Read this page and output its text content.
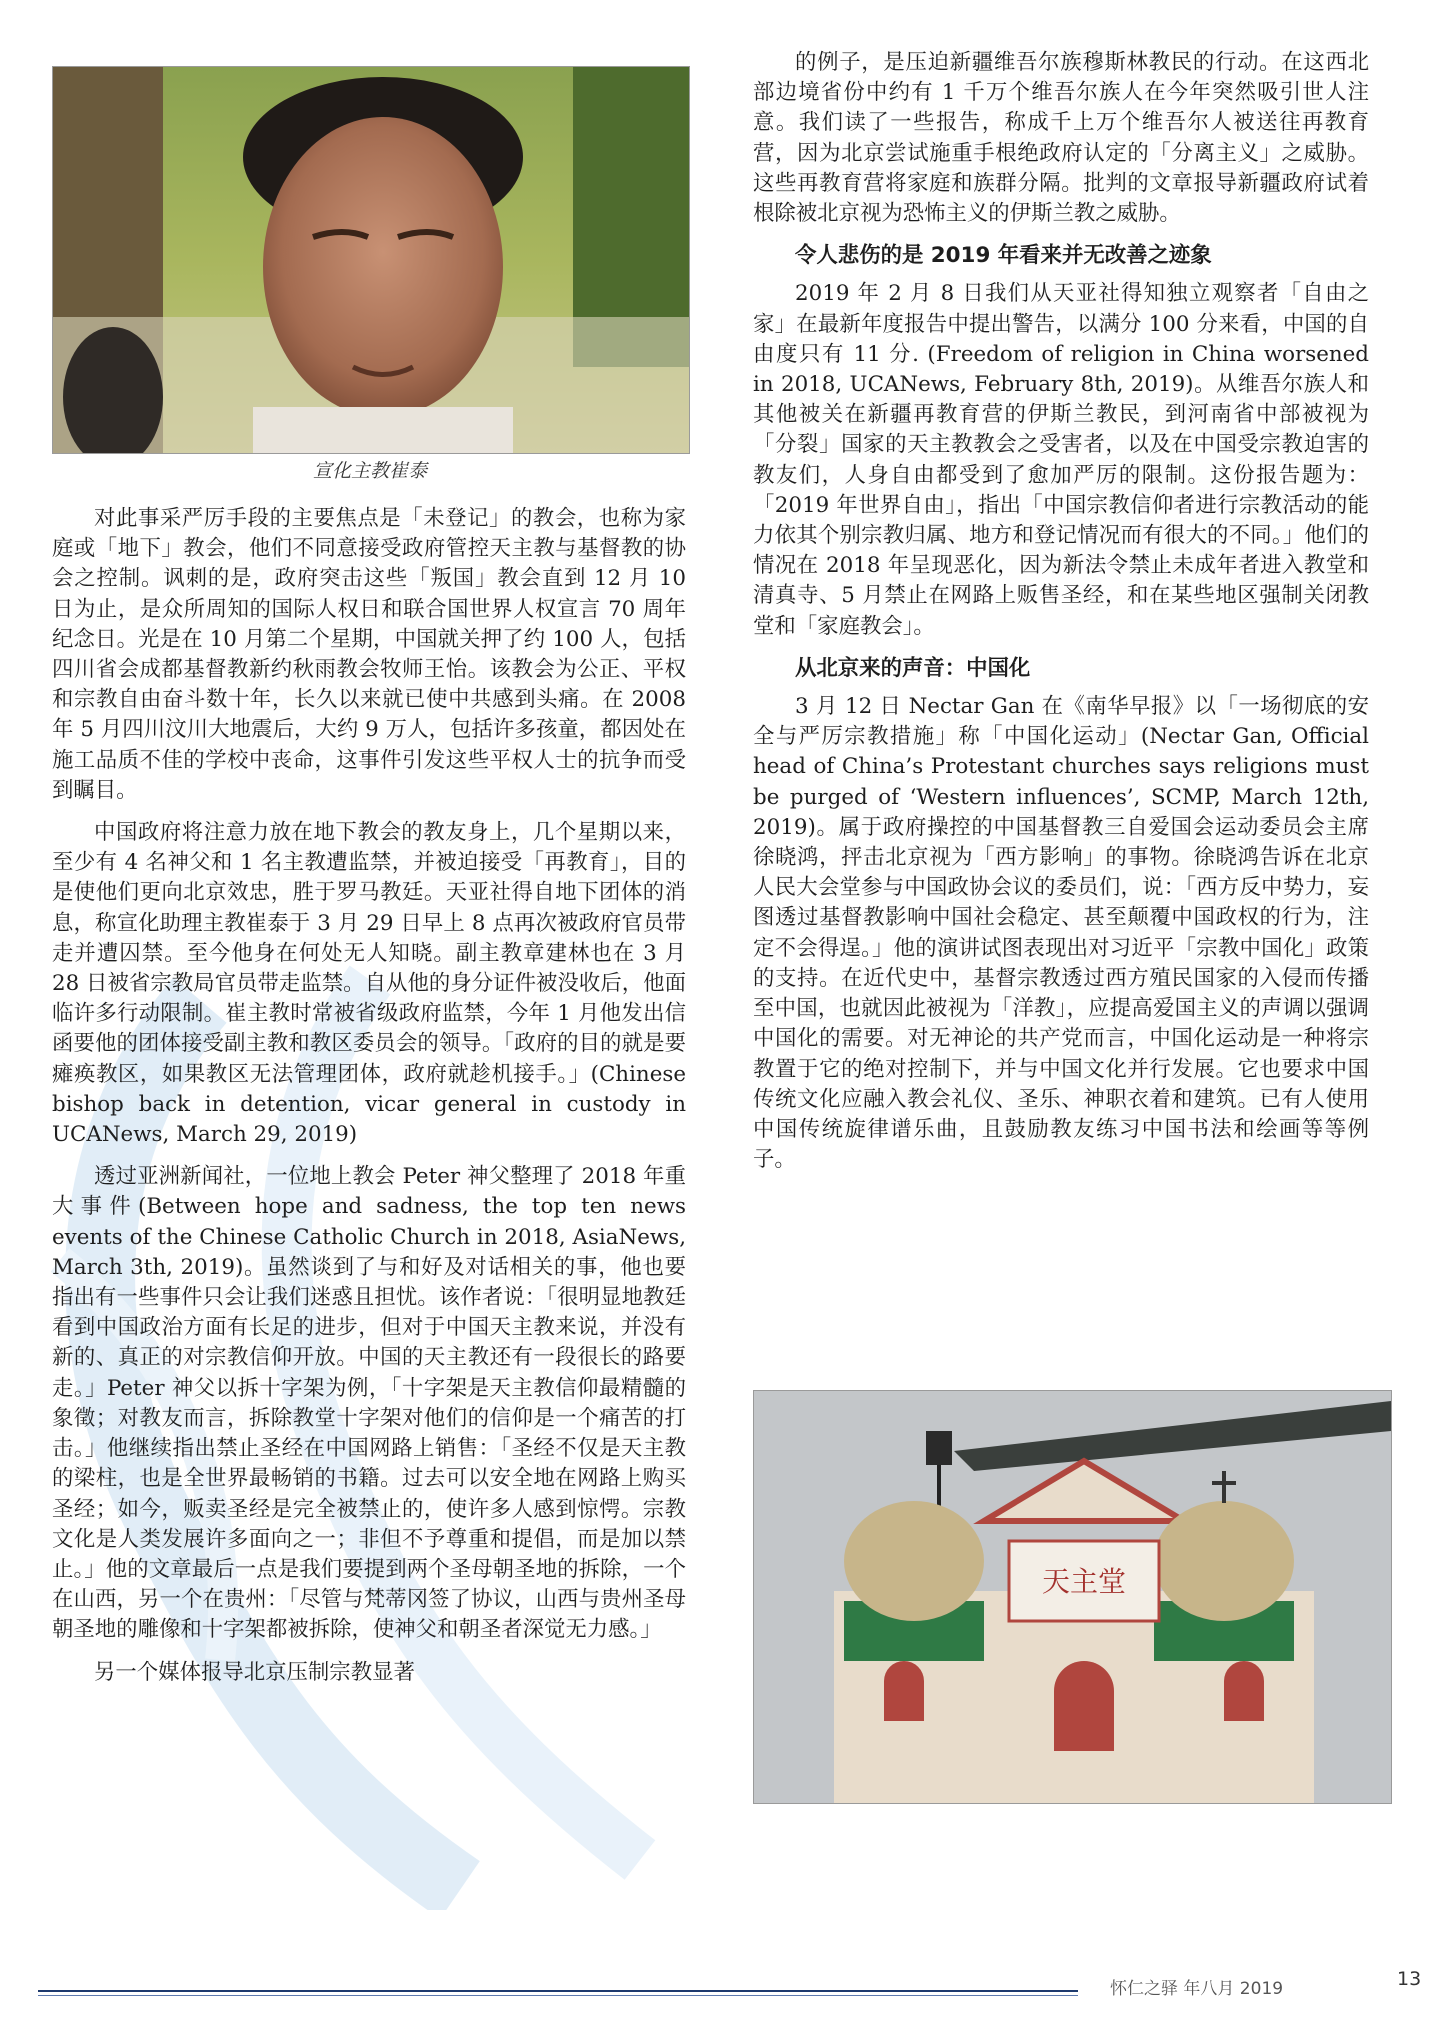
宣化主教崔泰

对此事采严厉手段的主要焦点是「未登记」的教会，也称为家庭或「地下」教会，他们不同意接受政府管控天主教与基督教的协会之控制。讽刺的是，政府突击这些「叛国」教会直到 12 月 10 日为止，是众所周知的国际人权日和联合国世界人权宣言 70 周年纪念日。光是在 10 月第二个星期，中国就关押了约 100 人，包括四川省会成都基督教新约秋雨教会牧师王怡。该教会为公正、平权和宗教自由奋斗数十年，长久以来就已使中共感到头痛。在 2008 年 5 月四川汶川大地震后，大约 9 万人，包括许多孩童，都因处在施工品质不佳的学校中丧命，这事件引发这些平权人士的抗争而受到瞩目。

中国政府将注意力放在地下教会的教友身上，几个星期以来，至少有 4 名神父和 1 名主教遭监禁，并被迫接受「再教育」，目的是使他们更向北京效忠，胜于罗马教廷。天亚社得自地下团体的消息，称宣化助理主教崔泰于 3 月 29 日早上 8 点再次被政府官员带走并遭囚禁。至今他身在何处无人知晓。副主教章建林也在 3 月 28 日被省宗教局官员带走监禁。自从他的身分证件被没收后，他面临许多行动限制。崔主教时常被省级政府监禁，今年 1 月他发出信函要他的团体接受副主教和教区委员会的领导。「政府的目的就是要瘫痪教区，如果教区无法管理团体，政府就趁机接手。」(Chinese bishop back in detention, vicar general in custody in UCANews, March 29, 2019)

透过亚洲新闻社，一位地上教会 Peter 神父整理了 2018 年重大事件(Between hope and sadness, the top ten news events of the Chinese Catholic Church in 2018, AsiaNews, March 3th, 2019)。虽然谈到了与和好及对话相关的事，他也要指出有一些事件只会让我们迷惑且担忧。该作者说：「很明显地教廷看到中国政治方面有长足的进步，但对于中国天主教来说，并没有新的、真正的对宗教信仰开放。中国的天主教还有一段很长的路要走。」Peter 神父以拆十字架为例，「十字架是天主教信仰最精髓的象徵；对教友而言，拆除教堂十字架对他们的信仰是一个痛苦的打击。」他继续指出禁止圣经在中国网路上销售：「圣经不仅是天主教的梁柱，也是全世界最畅销的书籍。过去可以安全地在网路上购买圣经；如今，贩卖圣经是完全被禁止的，使许多人感到惊愕。宗教文化是人类发展许多面向之一；非但不予尊重和提倡，而是加以禁止。」他的文章最后一点是我们要提到两个圣母朝圣地的拆除，一个在山西，另一个在贵州：「尽管与梵蒂冈签了协议，山西与贵州圣母朝圣地的雕像和十字架都被拆除，使神父和朝圣者深觉无力感。」

另一个媒体报导北京压制宗教显著

的例子，是压迫新疆维吾尔族穆斯林教民的行动。在这西北部边境省份中约有 1 千万个维吾尔族人在今年突然吸引世人注意。我们读了一些报告，称成千上万个维吾尔人被送往再教育营，因为北京尝试施重手根绝政府认定的「分离主义」之威胁。这些再教育营将家庭和族群分隔。批判的文章报导新疆政府试着根除被北京视为恐怖主义的伊斯兰教之威胁。

令人悲伤的是 2019 年看来并无改善之迹象

2019 年 2 月 8 日我们从天亚社得知独立观察者「自由之家」在最新年度报告中提出警告，以满分 100 分来看，中国的自由度只有 11 分. (Freedom of religion in China worsened in 2018, UCANews, February 8th, 2019)。从维吾尔族人和其他被关在新疆再教育营的伊斯兰教民，到河南省中部被视为「分裂」国家的天主教教会之受害者，以及在中国受宗教迫害的教友们，人身自由都受到了愈加严厉的限制。这份报告题为：「2019 年世界自由」，指出「中国宗教信仰者进行宗教活动的能力依其个别宗教归属、地方和登记情况而有很大的不同。」他们的情况在 2018 年呈现恶化，因为新法令禁止未成年者进入教堂和清真寺、5 月禁止在网路上贩售圣经，和在某些地区强制关闭教堂和「家庭教会」。

从北京来的声音：中国化

3 月 12 日 Nectar Gan 在《南华早报》以「一场彻底的安全与严厉宗教措施」称「中国化运动」(Nectar Gan, Official head of China’s Protestant churches says religions must be purged of ‘Western influences’, SCMP, March 12th, 2019)。属于政府操控的中国基督教三自爱国会运动委员会主席徐晓鸿，抨击北京视为「西方影响」的事物。徐晓鸿告诉在北京人民大会堂参与中国政协会议的委员们，说：「西方反中势力，妄图透过基督教影响中国社会稳定、甚至颠覆中国政权的行为，注定不会得逞。」他的演讲试图表现出对习近平「宗教中国化」政策的支持。在近代史中，基督宗教透过西方殖民国家的入侵而传播至中国，也就因此被视为「洋教」，应提高爱国主义的声调以强调中国化的需要。对无神论的共产党而言，中国化运动是一种将宗教置于它的绝对控制下，并与中国文化并行发展。它也要求中国传统文化应融入教会礼仪、圣乐、神职衣着和建筑。已有人使用中国传统旋律谱乐曲，且鼓励教友练习中国书法和绘画等等例子。

天主堂
怀仁之驿 年八月 2019	13
